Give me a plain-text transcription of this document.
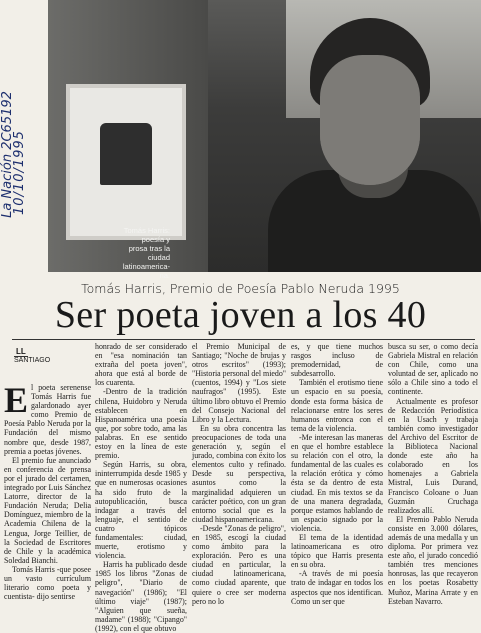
Tomás Harris:
poesía y
prosa tras la
ciudad
latinoamerica-
na.
10/10/1995
La Nación 2C65192
Tomás Harris, Premio de Poesía Pablo Neruda 1995
Ser poeta joven a los 40
LL
SANTIAGO

El poeta serenense Tomás Harris fue galardonado ayer como Premio de Poesía Pablo Neruda por la Fundación del mismo nombre que, desde 1987, premia a poetas jóvenes.

El premio fue anunciado en conferencia de prensa por el jurado del certamen, integrado por Luis Sánchez Latorre, director de la Fundación Neruda; Delia Domínguez, miembro de la Academia Chilena de la Lengua, Jorge Teillier, de la Sociedad de Escritores de Chile y la académica Soledad Bianchi.

Tomás Harris -que posee un vasto currículum literario como poeta y cuentista- dijo sentirse

honrado de ser considerado en "esa nominación tan extraña del poeta joven", ahora que está al borde de los cuarenta.

-Dentro de la tradición chilena, Huidobro y Neruda establecen en Hispanoamérica una poesía que, por sobre todo, ama las palabras. En ese sentido estoy en la línea de este premio.

Según Harris, su obra, ininterrumpida desde 1985 y que en numerosas ocasiones ha sido fruto de la autopublicación, busca indagar a través del lenguaje, el sentido de cuatro tópicos fundamentales: ciudad, muerte, erotismo y violencia.

Harris ha publicado desde 1985 los libros "Zonas de peligro", "Diario de navegación" (1986); "El último viaje" (1987); "Alguien que sueña, madame" (1988); "Cipango" (1992), con el que obtuvo

el Premio Municipal de Santiago; "Noche de brujas y otros escritos" (1993); "Historia personal del miedo" (cuentos, 1994) y "Los siete naufragos" (1995). Este último libro obtuvo el Premio del Consejo Nacional del Libro y la Lectura.

En su obra concentra las preocupaciones de toda una generación y, según el jurado, combina con éxito los elementos culto y refinado. Desde su perspectiva, asuntos como la marginalidad adquieren un carácter poético, con un gran entorno social que es la ciudad hispanoamericana.

-Desde "Zonas de peligro", en 1985, escogí la ciudad como ámbito para la exploración. Pero es una ciudad en particular, la ciudad latinoamericana, como ciudad aparente, que quiere o cree ser moderna pero no lo

es, y que tiene muchos rasgos incluso de premodernidad, de subdesarrollo.

También el erotismo tiene un espacio en su poesía, donde esta forma básica de relacionarse entre los seres humanos entronca con el tema de la violencia.

-Me interesan las maneras en que el hombre establece su relación con el otro, la fundamental de las cuales es la relación erótica y cómo ésta se da dentro de esta ciudad. En mis textos se da de una manera degradada, porque estamos hablando de un espacio signado por la violencia.

El tema de la identidad latinoamericana es otro tópico que Harris presenta en su obra.

-A través de mi poesía trato de indagar en todos los aspectos que nos identifican. Como un ser que

busca su ser, o como decía Gabriela Mistral en relación con Chile, como una voluntad de ser, aplicado no sólo a Chile sino a todo el continente.

Actualmente es profesor de Redacción Periodística en la Usach y trabaja también como investigador del Archivo del Escritor de la Biblioteca Nacional donde este año ha colaborado en los homenajes a Gabriela Mistral, Luis Durand, Francisco Coloane o Juan Guzmán Cruchaga realizados allí.

El Premio Pablo Neruda consiste en 3.000 dólares, además de una medalla y un diploma. Por primera vez este año, el jurado concedió también tres menciones honrosas, las que recayeron en los poetas Rosabetty Muñoz, Marina Arrate y en Esteban Navarro.
